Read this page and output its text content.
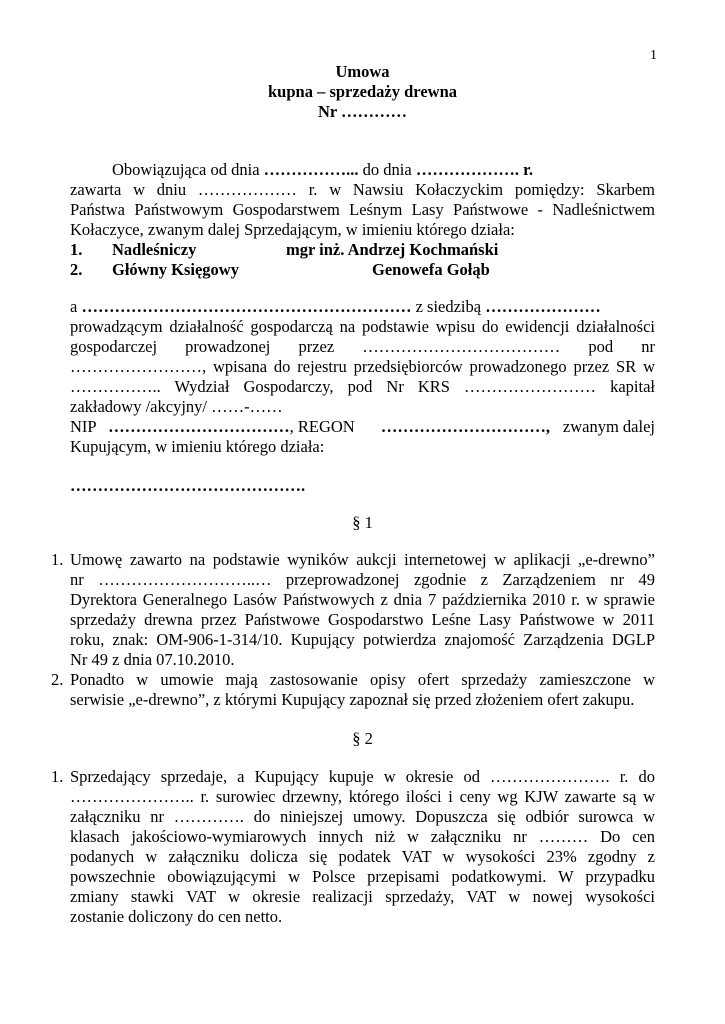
1
Umowa
kupna – sprzedaży drewna
Nr …………
Obowiązująca od dnia ……………... do dnia ………………. r.
zawarta w dniu ……………… r. w Nawsiu Kołaczyckim pomiędzy: Skarbem
Państwa Państwowym Gospodarstwem Leśnym Lasy Państwowe - Nadleśnictwem
Kołaczyce, zwanym dalej Sprzedającym, w imieniu którego działa:
1. Nadleśniczy	mgr inż. Andrzej Kochmański
2. Główny Księgowy	Genowefa Gołąb
a …………………………………………………… z siedzibą …………………
prowadzącym działalność gospodarczą na podstawie wpisu do ewidencji działalności
gospodarczej prowadzonej przez ……………………………… pod nr
……………………, wpisana do rejestru przedsiębiorców prowadzonego przez SR w
…………….. Wydział Gospodarczy, pod Nr KRS …………………… kapitał
zakładowy /akcyjny/ ……-……
NIP ……………………………, REGON …………………………, zwanym dalej
Kupującym, w imieniu którego działa:
…………………………………….
§ 1
1. Umowę zawarto na podstawie wyników aukcji internetowej w aplikacji „e-drewno”
nr ………………………..… przeprowadzonej zgodnie z Zarządzeniem nr 49
Dyrektora Generalnego Lasów Państwowych z dnia 7 października 2010 r. w sprawie
sprzedaży drewna przez Państwowe Gospodarstwo Leśne Lasy Państwowe w 2011
roku, znak: OM-906-1-314/10. Kupujący potwierdza znajomość Zarządzenia DGLP
Nr 49 z dnia 07.10.2010.
2. Ponadto w umowie mają zastosowanie opisy ofert sprzedaży zamieszczone w
serwisie „e-drewno”, z którymi Kupujący zapoznał się przed złożeniem ofert zakupu.
§ 2
1. Sprzedający sprzedaje, a Kupujący kupuje w okresie od …………………. r. do
………………….. r. surowiec drzewny, którego ilości i ceny wg KJW zawarte są w
załączniku nr …………. do niniejszej umowy. Dopuszcza się odbiór surowca w
klasach jakościowo-wymiarowych innych niż w załączniku nr ……… Do cen
podanych w załączniku dolicza się podatek VAT w wysokości 23% zgodny z
powszechnie obowiązującymi w Polsce przepisami podatkowymi. W przypadku
zmiany stawki VAT w okresie realizacji sprzedaży, VAT w nowej wysokości
zostanie doliczony do cen netto.
